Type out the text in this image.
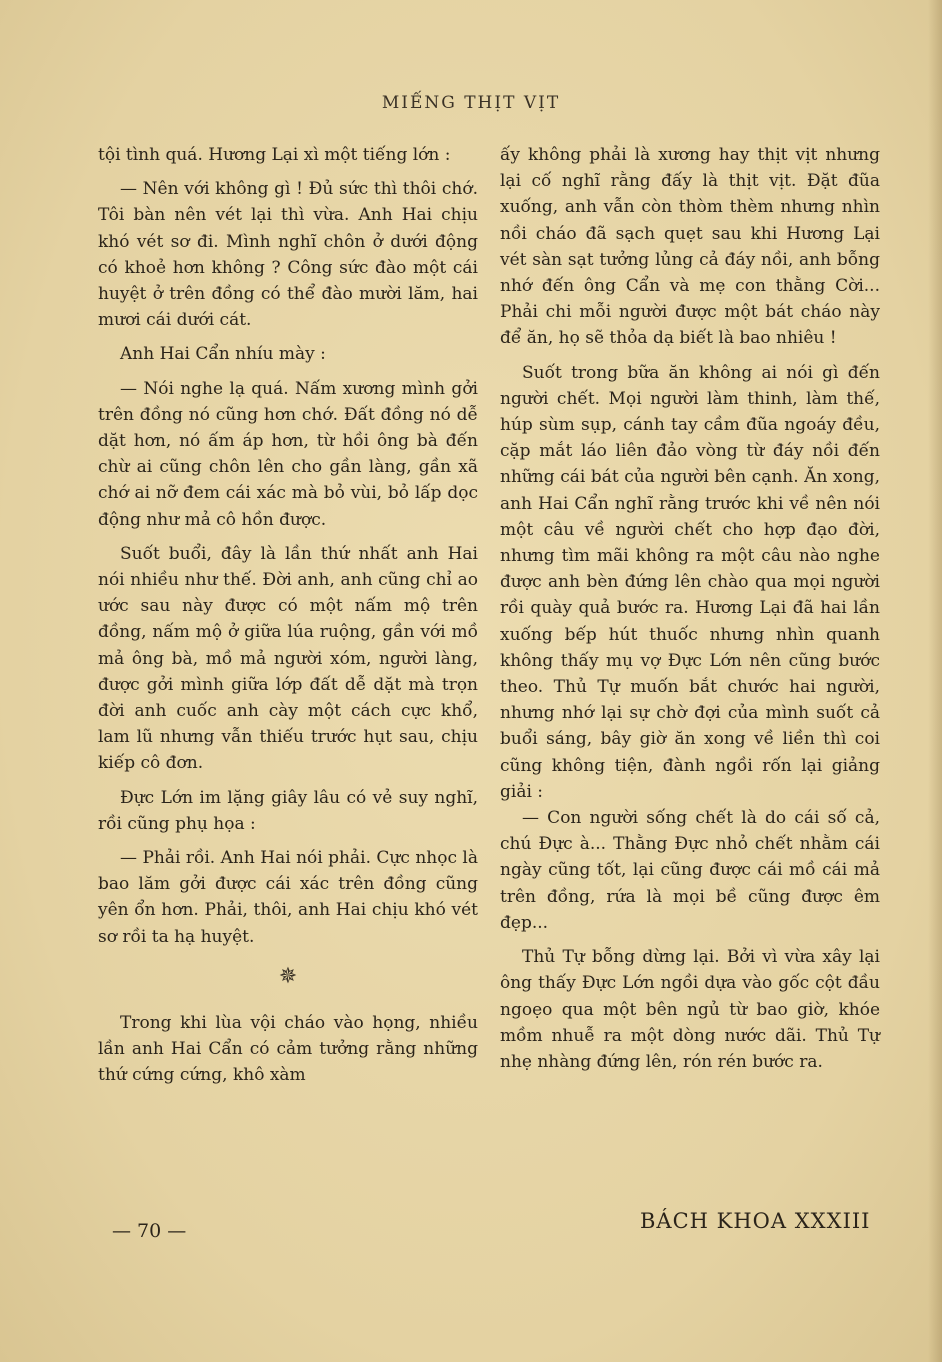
MIẾNG THỊT VỊT

tội tình quá. Hương Lại xì một tiếng lớn :

— Nên với không gì ! Đủ sức thì thôi chớ. Tôi bàn nên vét lại thì vừa. Anh Hai chịu khó vét sơ đi. Mình nghĩ chôn ở dưới động có khoẻ hơn không ? Công sức đào một cái huyệt ở trên đồng có thể đào mười lăm, hai mươi cái dưới cát.

Anh Hai Cẩn nhíu mày :

— Nói nghe lạ quá. Nấm xương mình gởi trên đồng nó cũng hơn chớ. Đất đồng nó dễ dặt hơn, nó ấm áp hơn, từ hồi ông bà đến chừ ai cũng chôn lên cho gần làng, gần xã chớ ai nỡ đem cái xác mà bỏ vùi, bỏ lấp dọc động như mả cô hồn được.

Suốt buổi, đây là lần thứ nhất anh Hai nói nhiều như thế. Đời anh, anh cũng chỉ ao ước sau này được có một nấm mộ trên đồng, nấm mộ ở giữa lúa ruộng, gần với mồ mả ông bà, mồ mả người xóm, người làng, được gởi mình giữa lớp đất dễ dặt mà trọn đời anh cuốc anh cày một cách cực khổ, lam lũ nhưng vẫn thiếu trước hụt sau, chịu kiếp cô đơn.

Đực Lớn im lặng giây lâu có vẻ suy nghĩ, rồi cũng phụ họa :

— Phải rồi. Anh Hai nói phải. Cực nhọc là bao lăm gởi được cái xác trên đồng cũng yên ổn hơn. Phải, thôi, anh Hai chịu khó vét sơ rồi ta hạ huyệt.

✵

Trong khi lùa vội cháo vào họng, nhiều lần anh Hai Cẩn có cảm tưởng rằng những thứ cứng cứng, khô xàm

ấy không phải là xương hay thịt vịt nhưng lại cố nghĩ rằng đấy là thịt vịt. Đặt đũa xuống, anh vẫn còn thòm thèm nhưng nhìn nồi cháo đã sạch quẹt sau khi Hương Lại vét sàn sạt tưởng lủng cả đáy nồi, anh bỗng nhớ đến ông Cẩn và mẹ con thằng Cời... Phải chi mỗi người được một bát cháo này để ăn, họ sẽ thỏa dạ biết là bao nhiêu !

Suốt trong bữa ăn không ai nói gì đến người chết. Mọi người làm thinh, làm thế, húp sùm sụp, cánh tay cầm đũa ngoáy đều, cặp mắt láo liên đảo vòng từ đáy nồi đến những cái bát của người bên cạnh. Ăn xong, anh Hai Cẩn nghĩ rằng trước khi về nên nói một câu về người chết cho hợp đạo đời, nhưng tìm mãi không ra một câu nào nghe được anh bèn đứng lên chào qua mọi người rồi quày quả bước ra. Hương Lại đã hai lần xuống bếp hút thuốc nhưng nhìn quanh không thấy mụ vợ Đực Lớn nên cũng bước theo. Thủ Tự muốn bắt chước hai người, nhưng nhớ lại sự chờ đợi của mình suốt cả buổi sáng, bây giờ ăn xong về liền thì coi cũng không tiện, đành ngồi rốn lại giảng giải :

— Con người sống chết là do cái số cả, chú Đực à... Thằng Đực nhỏ chết nhằm cái ngày cũng tốt, lại cũng được cái mồ cái mả trên đồng, rứa là mọi bề cũng được êm đẹp...

Thủ Tự bỗng dừng lại. Bởi vì vừa xây lại ông thấy Đực Lớn ngồi dựa vào gốc cột đầu ngoẹo qua một bên ngủ từ bao giờ, khóe mồm nhuễ ra một dòng nước dãi. Thủ Tự nhẹ nhàng đứng lên, rón rén bước ra.

— 70 —	BÁCH KHOA XXXIII
